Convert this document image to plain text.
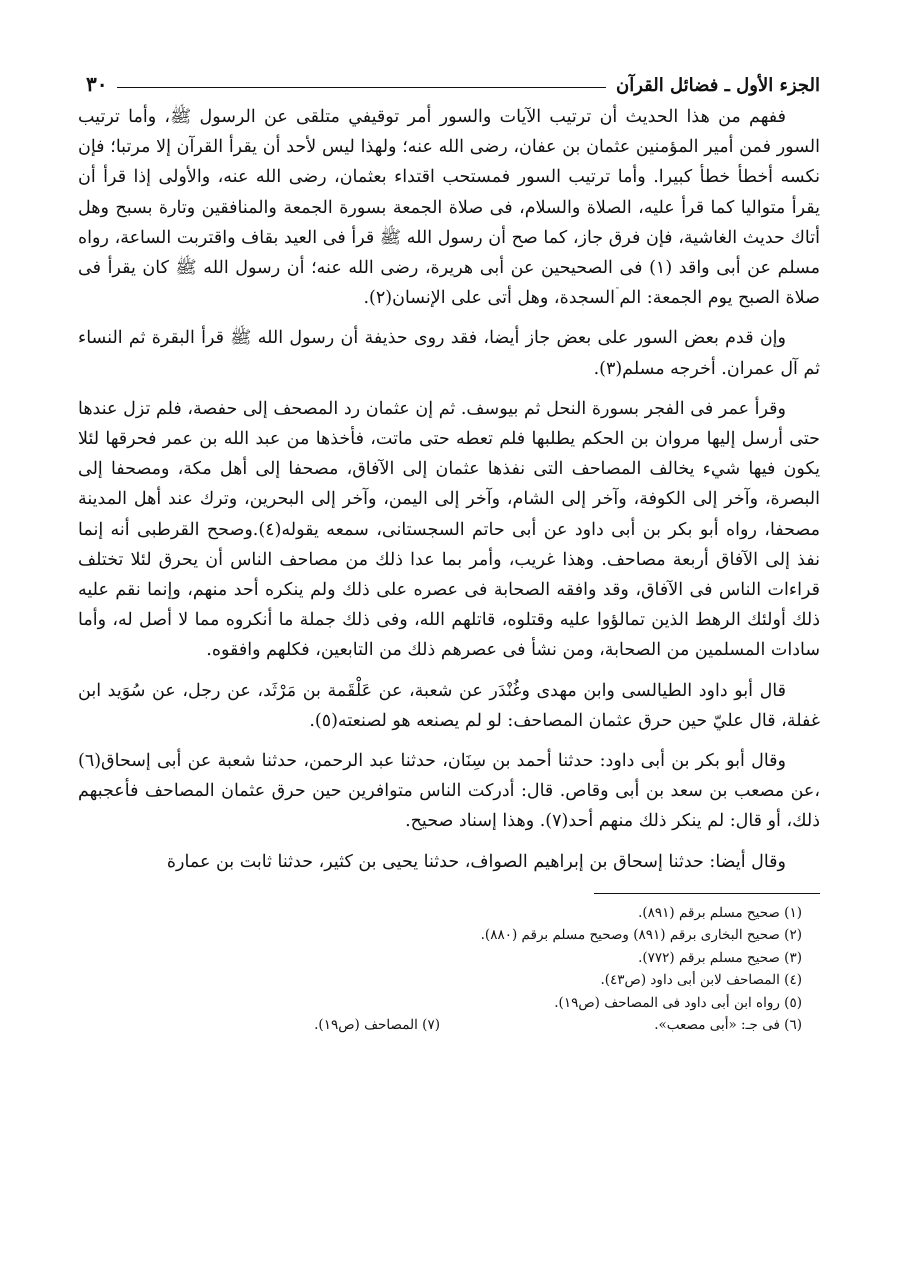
الجزء الأول ـ فضائل القرآن
٣٠

ففهم من هذا الحديث أن ترتيب الآيات والسور أمر توقيفي متلقى عن الرسول ﷺ، وأما ترتيب السور فمن أمير المؤمنين عثمان بن عفان، رضى الله عنه؛ ولهذا ليس لأحد أن يقرأ القرآن إلا مرتبا؛ فإن نكسه أخطأ خطأ كبيرا. وأما ترتيب السور فمستحب اقتداء بعثمان، رضى الله عنه، والأولى إذا قرأ أن يقرأ متواليا كما قرأ عليه، الصلاة والسلام، فى صلاة الجمعة بسورة الجمعة والمنافقين وتارة بسبح وهل أتاك حديث الغاشية، فإن فرق جاز، كما صح أن رسول الله ﷺ قرأ فى العيد بقاف واقتربت الساعة، رواه مسلم عن أبى واقد (١) فى الصحيحين عن أبى هريرة، رضى الله عنه؛ أن رسول الله ﷺ كان يقرأ فى صلاة الصبح يوم الجمعة: الم ۤالسجدة، وهل أتى على الإنسان(٢).

وإن قدم بعض السور على بعض جاز أيضا، فقد روى حذيفة أن رسول الله ﷺ قرأ البقرة ثم النساء ثم آل عمران. أخرجه مسلم(٣).

وقرأ عمر فى الفجر بسورة النحل ثم بيوسف. ثم إن عثمان رد المصحف إلى حفصة، فلم تزل عندها حتى أرسل إليها مروان بن الحكم يطلبها فلم تعطه حتى ماتت، فأخذها من عبد الله بن عمر فحرقها لئلا يكون فيها شيء يخالف المصاحف التى نفذها عثمان إلى الآفاق، مصحفا إلى أهل مكة، ومصحفا إلى البصرة، وآخر إلى الكوفة، وآخر إلى الشام، وآخر إلى اليمن، وآخر إلى البحرين، وترك عند أهل المدينة مصحفا، رواه أبو بكر بن أبى داود عن أبى حاتم السجستانى، سمعه يقوله(٤).وصحح القرطبى أنه إنما نفذ إلى الآفاق أربعة مصاحف. وهذا غريب، وأمر بما عدا ذلك من مصاحف الناس أن يحرق لئلا تختلف قراءات الناس فى الآفاق، وقد وافقه الصحابة فى عصره على ذلك ولم ينكره أحد منهم، وإنما نقم عليه ذلك أولئك الرهط الذين تمالؤوا عليه وقتلوه، قاتلهم الله، وفى ذلك جملة ما أنكروه مما لا أصل له، وأما سادات المسلمين من الصحابة، ومن نشأ فى عصرهم ذلك من التابعين، فكلهم وافقوه.

قال أبو داود الطيالسى وابن مهدى وغُنْدَر عن شعبة، عن عَلْقَمة بن مَرْثَد، عن رجل، عن سُوَيد ابن غفلة، قال عليّ حين حرق عثمان المصاحف: لو لم يصنعه هو لصنعته(٥).

وقال أبو بكر بن أبى داود: حدثنا أحمد بن سِنَان، حدثنا عبد الرحمن، حدثنا شعبة عن أبى إسحاق(٦) ،عن مصعب بن سعد بن أبى وقاص. قال: أدركت الناس متوافرين حين حرق عثمان المصاحف فأعجبهم ذلك، أو قال: لم ينكر ذلك منهم أحد(٧). وهذا إسناد صحيح.

وقال أيضا: حدثنا إسحاق بن إبراهيم الصواف، حدثنا يحيى بن كثير، حدثنا ثابت بن عمارة

(١) صحيح مسلم برقم (٨٩١).
(٢) صحيح البخارى برقم (٨٩١) وصحيح مسلم برقم (٨٨٠).
(٣) صحيح مسلم برقم (٧٧٢).
(٤) المصاحف لابن أبى داود (ص٤٣).
(٥) رواه ابن أبى داود فى المصاحف (ص١٩).
(٦) فى جـ: «أبى مصعب».
(٧) المصاحف (ص١٩).
